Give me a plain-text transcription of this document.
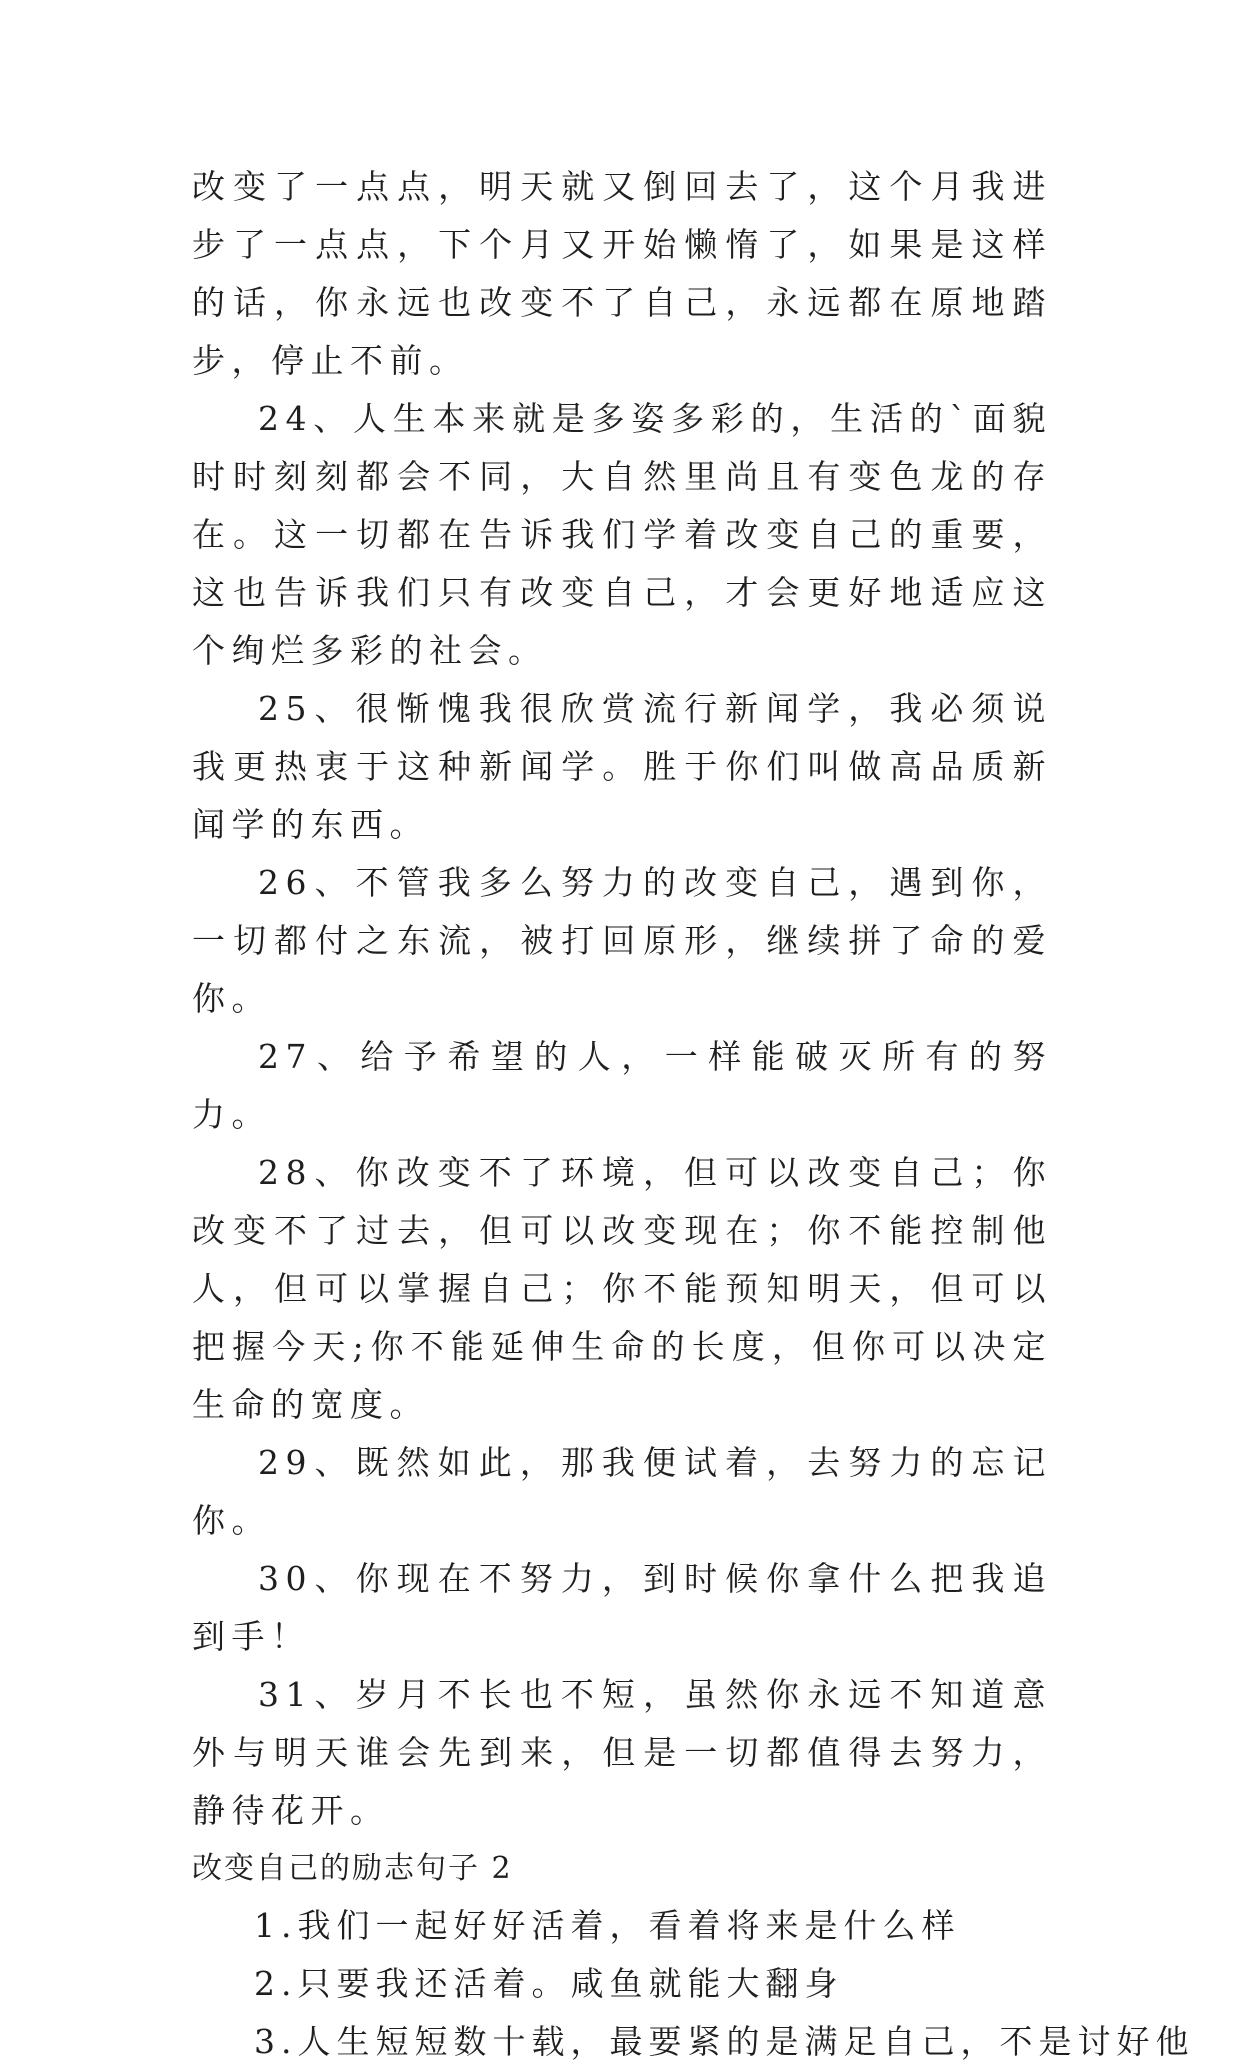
改变了一点点，明天就又倒回去了，这个月我进步了一点点，下个月又开始懒惰了，如果是这样的话，你永远也改变不了自己，永远都在原地踏步，停止不前。

24、人生本来就是多姿多彩的，生活的`面貌时时刻刻都会不同，大自然里尚且有变色龙的存在。这一切都在告诉我们学着改变自己的重要，这也告诉我们只有改变自己，才会更好地适应这个绚烂多彩的社会。

25、很惭愧我很欣赏流行新闻学，我必须说我更热衷于这种新闻学。胜于你们叫做高品质新闻学的东西。

26、不管我多么努力的改变自己，遇到你，一切都付之东流，被打回原形，继续拼了命的爱你。

27、给予希望的人，一样能破灭所有的努力。

28、你改变不了环境，但可以改变自己；你改变不了过去，但可以改变现在；你不能控制他人，但可以掌握自己；你不能预知明天，但可以把握今天;你不能延伸生命的长度，但你可以决定生命的宽度。

29、既然如此，那我便试着，去努力的忘记你。

30、你现在不努力，到时候你拿什么把我追到手！

31、岁月不长也不短，虽然你永远不知道意外与明天谁会先到来，但是一切都值得去努力，静待花开。

改变自己的励志句子 2

1.我们一起好好活着，看着将来是什么样

2.只要我还活着。咸鱼就能大翻身

3.人生短短数十载，最要紧的是满足自己，不是讨好他
